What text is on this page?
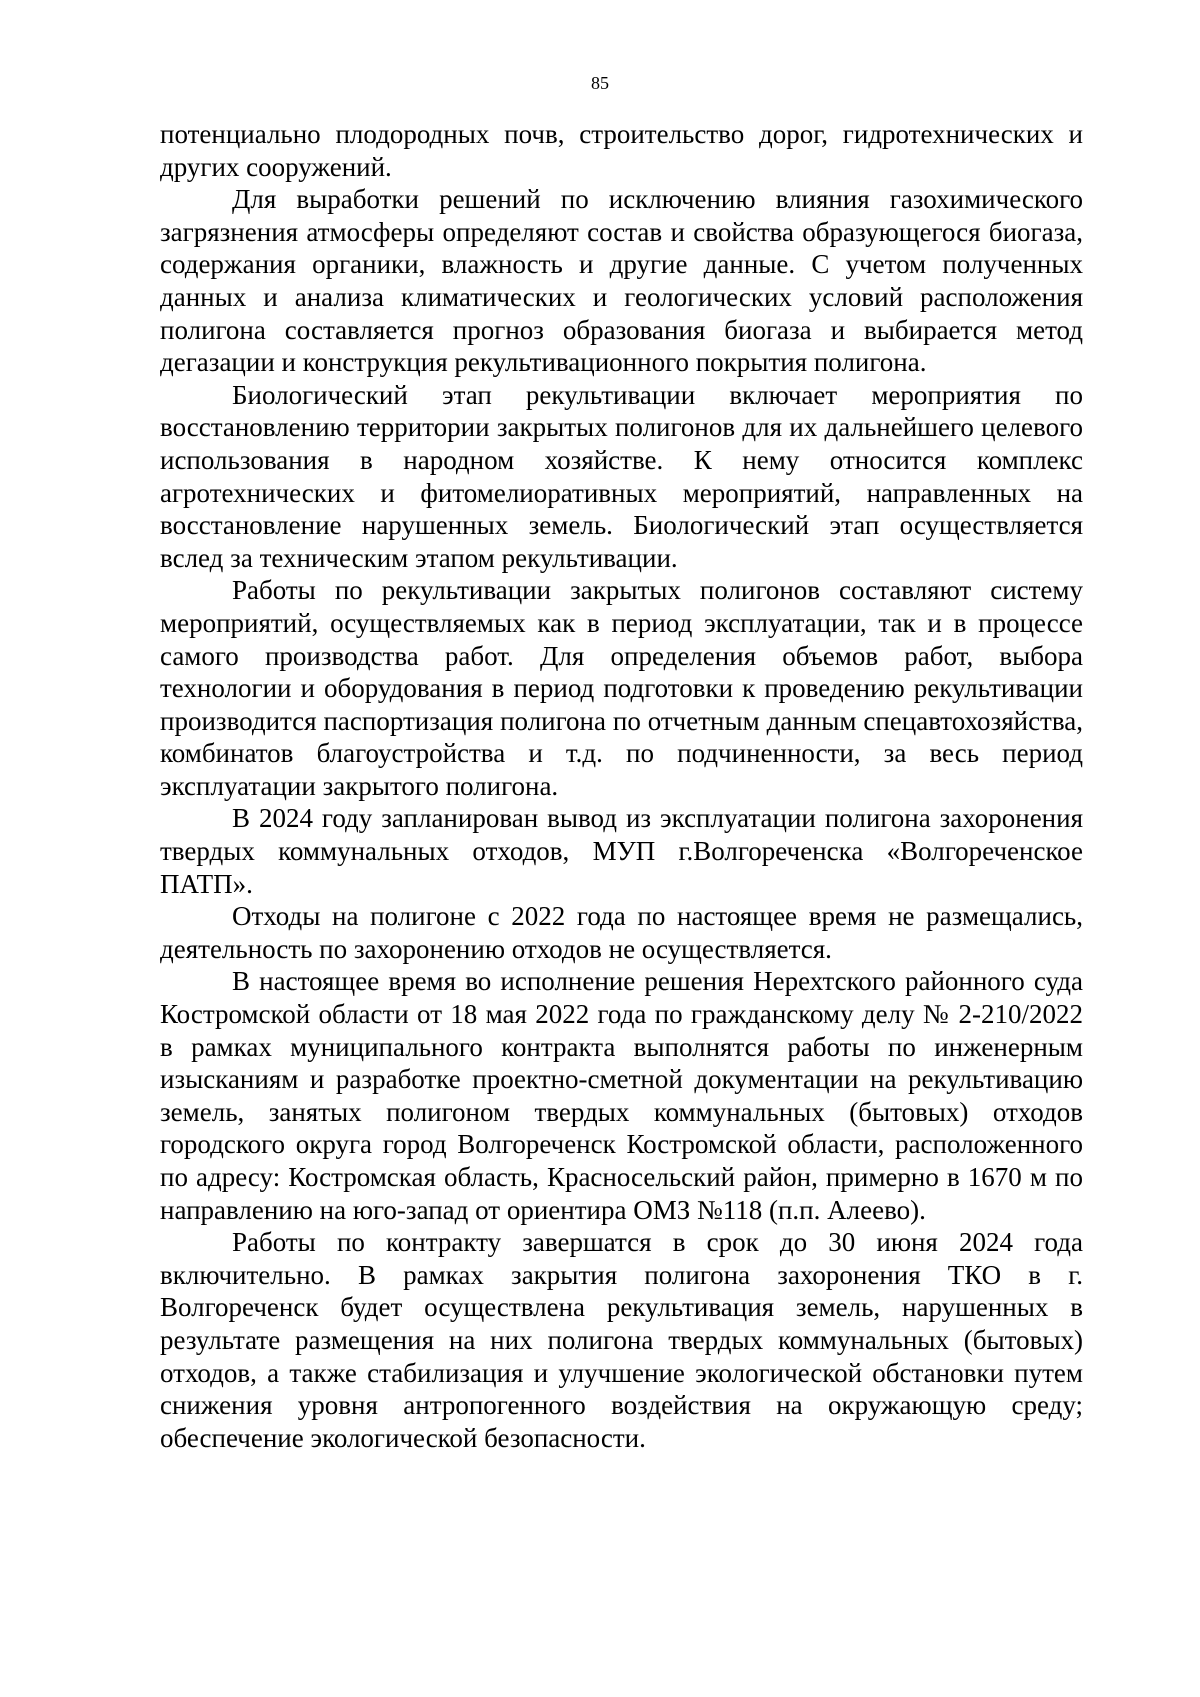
85

потенциально плодородных почв, строительство дорог, гидротехнических и других сооружений.

Для выработки решений по исключению влияния газохимического загрязнения атмосферы определяют состав и свойства образующегося биогаза, содержания органики, влажность и другие данные. С учетом полученных данных и анализа климатических и геологических условий расположения полигона составляется прогноз образования биогаза и выбирается метод дегазации и конструкция рекультивационного покрытия полигона.

Биологический этап рекультивации включает мероприятия по восстановлению территории закрытых полигонов для их дальнейшего целевого использования в народном хозяйстве. К нему относится комплекс агротехнических и фитомелиоративных мероприятий, направленных на восстановление нарушенных земель. Биологический этап осуществляется вслед за техническим этапом рекультивации.

Работы по рекультивации закрытых полигонов составляют систему мероприятий, осуществляемых как в период эксплуатации, так и в процессе самого производства работ. Для определения объемов работ, выбора технологии и оборудования в период подготовки к проведению рекультивации производится паспортизация полигона по отчетным данным спецавтохозяйства, комбинатов благоустройства и т.д. по подчиненности, за весь период эксплуатации закрытого полигона.

В 2024 году запланирован вывод из эксплуатации полигона захоронения твердых коммунальных отходов, МУП г.Волгореченска «Волгореченское ПАТП».

Отходы на полигоне с 2022 года по настоящее время не размещались, деятельность по захоронению отходов не осуществляется.

В настоящее время во исполнение решения Нерехтского районного суда Костромской области от 18 мая 2022 года по гражданскому делу № 2-210/2022 в рамках муниципального контракта выполнятся работы по инженерным изысканиям и разработке проектно-сметной документации на рекультивацию земель, занятых полигоном твердых коммунальных (бытовых) отходов городского округа город Волгореченск Костромской области, расположенного по адресу: Костромская область, Красносельский район, примерно в 1670 м по направлению на юго-запад от ориентира ОМЗ №118 (п.п. Алеево).

Работы по контракту завершатся в срок до 30 июня 2024 года включительно. В рамках закрытия полигона захоронения ТКО в г. Волгореченск будет осуществлена рекультивация земель, нарушенных в результате размещения на них полигона твердых коммунальных (бытовых) отходов, а также стабилизация и улучшение экологической обстановки путем снижения уровня антропогенного воздействия на окружающую среду; обеспечение экологической безопасности.
